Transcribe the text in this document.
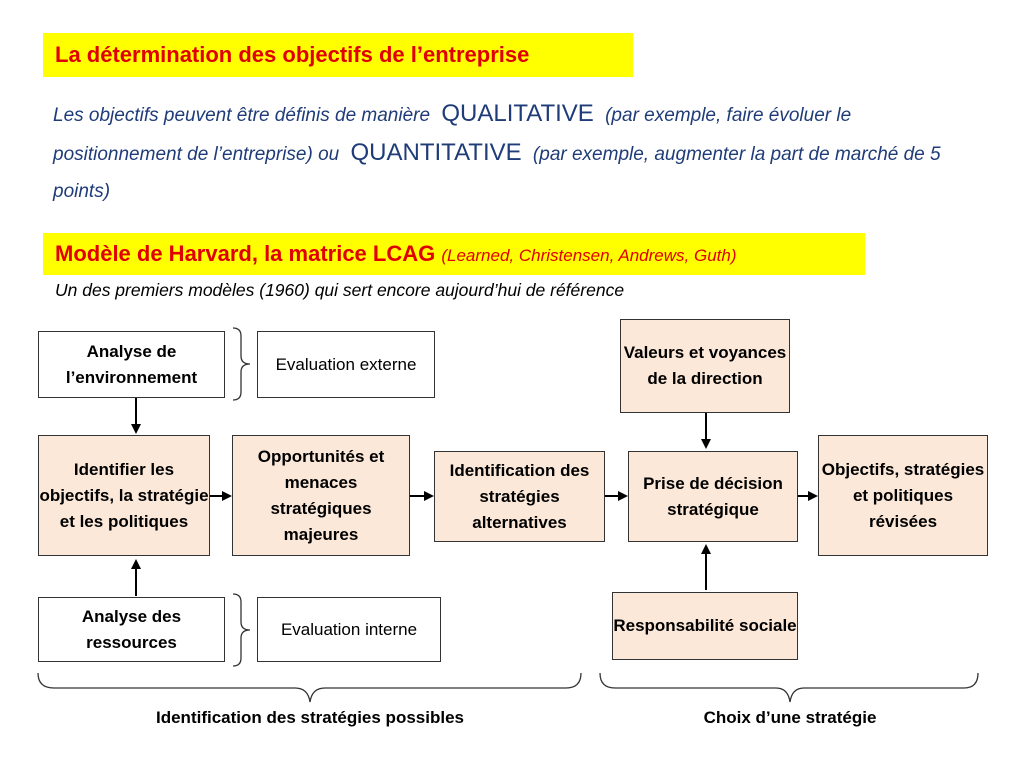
La détermination des objectifs de l’entreprise
Les objectifs peuvent être définis de manière QUALITATIVE (par exemple, faire évoluer le positionnement de l’entreprise) ou QUANTITATIVE (par exemple, augmenter la part de marché de 5 points)
Modèle de Harvard, la matrice LCAG (Learned, Christensen, Andrews, Guth)
Un des premiers modèles (1960) qui sert encore aujourd’hui de référence
Analyse de l’environnement
Evaluation externe
Identifier les objectifs, la stratégie et les politiques
Opportunités et menaces stratégiques majeures
Identification des stratégies alternatives
Valeurs et voyances de la direction
Prise de décision stratégique
Objectifs, stratégies et politiques révisées
Analyse des ressources
Evaluation interne	Responsabilité sociale
Identification des stratégies possibles	Choix d’une stratégie
